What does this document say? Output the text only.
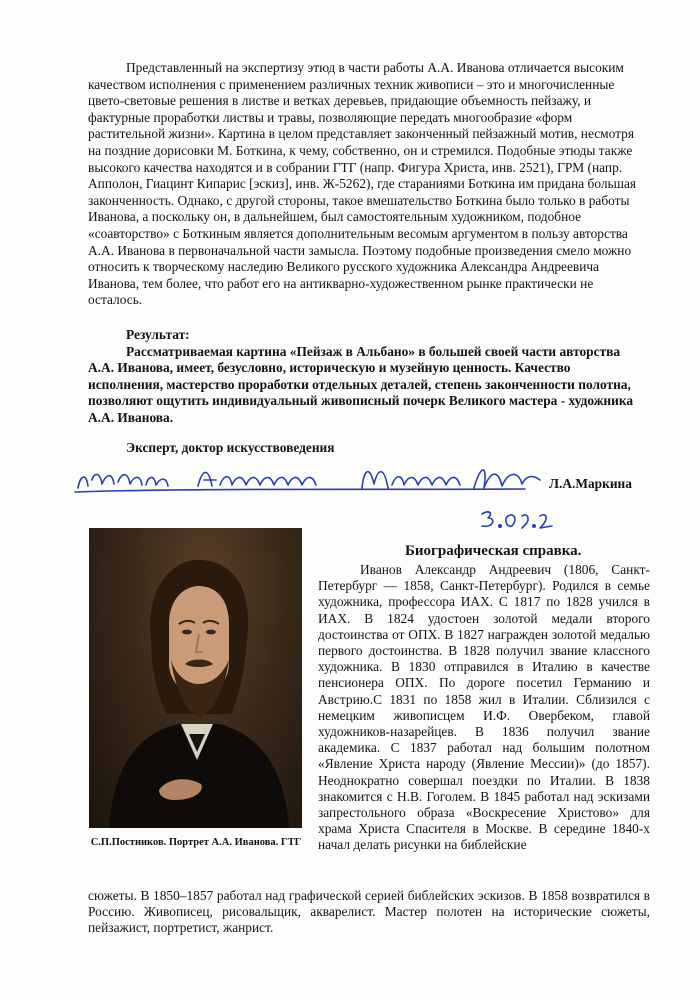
Представленный на экспертизу этюд в части работы А.А. Иванова отличается высоким качеством исполнения с применением различных техник живописи – это и многочисленные цвето-световые решения в листве и ветках деревьев, придающие объемность пейзажу, и фактурные проработки листвы и травы, позволяющие передать многообразие «форм растительной жизни». Картина в целом представляет законченный пейзажный мотив, несмотря на поздние дорисовки М. Боткина, к чему, собственно, он и стремился. Подобные этюды также высокого качества находятся и в собрании ГТГ (напр. Фигура Христа, инв. 2521), ГРМ (напр. Апполон, Гиацинт Кипарис [эскиз], инв. Ж-5262), где стараниями Боткина им придана большая законченность. Однако, с другой стороны, такое вмешательство Боткина было только в работы Иванова, а поскольку он, в дальнейшем, был самостоятельным художником, подобное «соавторство» с Боткиным является дополнительным весомым аргументом в пользу авторства А.А. Иванова в первоначальной части замысла. Поэтому подобные произведения смело можно относить к творческому наследию Великого русского художника Александра Андреевича Иванова, тем более, что работ его на антикварно-художественном рынке практически не осталось.

Результат:

Рассматриваемая картина «Пейзаж в Альбано» в большей своей части авторства А.А. Иванова, имеет, безусловно, историческую и музейную ценность. Качество исполнения, мастерство проработки отдельных деталей, степень законченности полотна, позволяют ощутить индивидуальный живописный почерк Великого мастера - художника А.А. Иванова.

Эксперт, доктор искусствоведения
Л.А.Маркина
С.П.Постников. Портрет А.А. Иванова. ГТГ
Биографическая справка.

Иванов Александр Андреевич (1806, Санкт-Петербург — 1858, Санкт-Петербург). Родился в семье художника, профессора ИАХ. С 1817 по 1828 учился в ИАХ. В 1824 удостоен золотой медали второго достоинства от ОПХ. В 1827 награжден золотой медалью первого достоинства. В 1828 получил звание классного художника. В 1830 отправился в Италию в качестве пенсионера ОПХ. По дороге посетил Германию и Австрию.С 1831 по 1858 жил в Италии. Сблизился с немецким живописцем И.Ф. Овербеком, главой художников-назарейцев. В 1836 получил звание академика. С 1837 работал над большим полотном «Явление Христа народу (Явление Мессии)» (до 1857). Неоднократно совершал поездки по Италии. В 1838 знакомится с Н.В. Гоголем. В 1845 работал над эскизами запрестольного образа «Воскресение Христово» для храма Христа Спасителя в Москве. В середине 1840-х начал делать рисунки на библейские

сюжеты. В 1850–1857 работал над графической серией библейских эскизов. В 1858 возвратился в Россию. Живописец, рисовальщик, акварелист. Мастер полотен на исторические сюжеты, пейзажист, портретист, жанрист.
